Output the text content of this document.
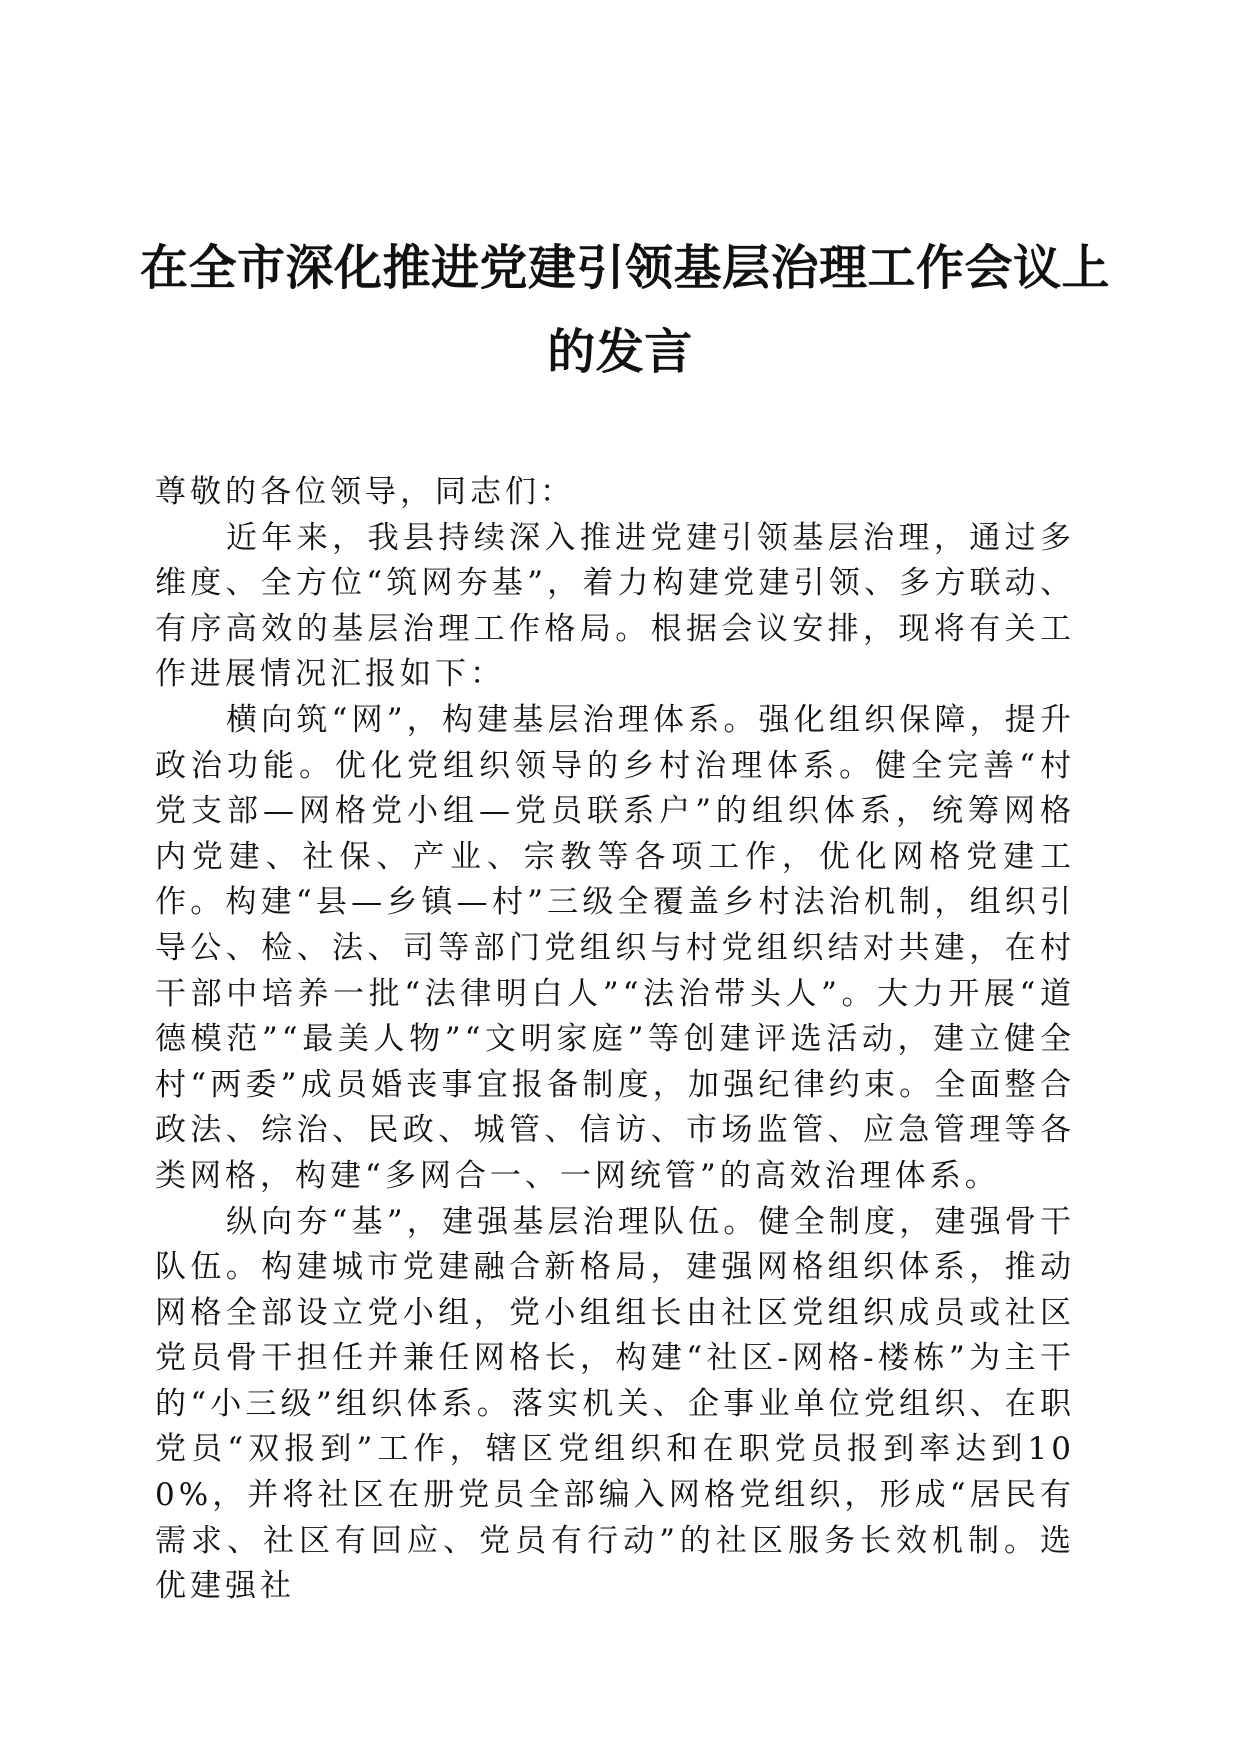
在全市深化推进党建引领基层治理工作会议上
的发言

尊敬的各位领导，同志们：

近年来，我县持续深入推进党建引领基层治理，通过多维度、全方位“筑网夯基”，着力构建党建引领、多方联动、有序高效的基层治理工作格局。根据会议安排，现将有关工作进展情况汇报如下：

横向筑“网”，构建基层治理体系。强化组织保障，提升政治功能。优化党组织领导的乡村治理体系。健全完善“村党支部—网格党小组—党员联系户”的组织体系，统筹网格内党建、社保、产业、宗教等各项工作，优化网格党建工作。构建“县—乡镇—村”三级全覆盖乡村法治机制，组织引导公、检、法、司等部门党组织与村党组织结对共建，在村干部中培养一批“法律明白人”“法治带头人”。大力开展“道德模范”“最美人物”“文明家庭”等创建评选活动，建立健全村“两委”成员婚丧事宜报备制度，加强纪律约束。全面整合政法、综治、民政、城管、信访、市场监管、应急管理等各类网格，构建“多网合一、一网统管”的高效治理体系。

纵向夯“基”，建强基层治理队伍。健全制度，建强骨干队伍。构建城市党建融合新格局，建强网格组织体系，推动网格全部设立党小组，党小组组长由社区党组织成员或社区党员骨干担任并兼任网格长，构建“社区-网格-楼栋”为主干的“小三级”组织体系。落实机关、企事业单位党组织、在职党员“双报到”工作，辖区党组织和在职党员报到率达到100%，并将社区在册党员全部编入网格党组织，形成“居民有需求、社区有回应、党员有行动”的社区服务长效机制。选优建强社
